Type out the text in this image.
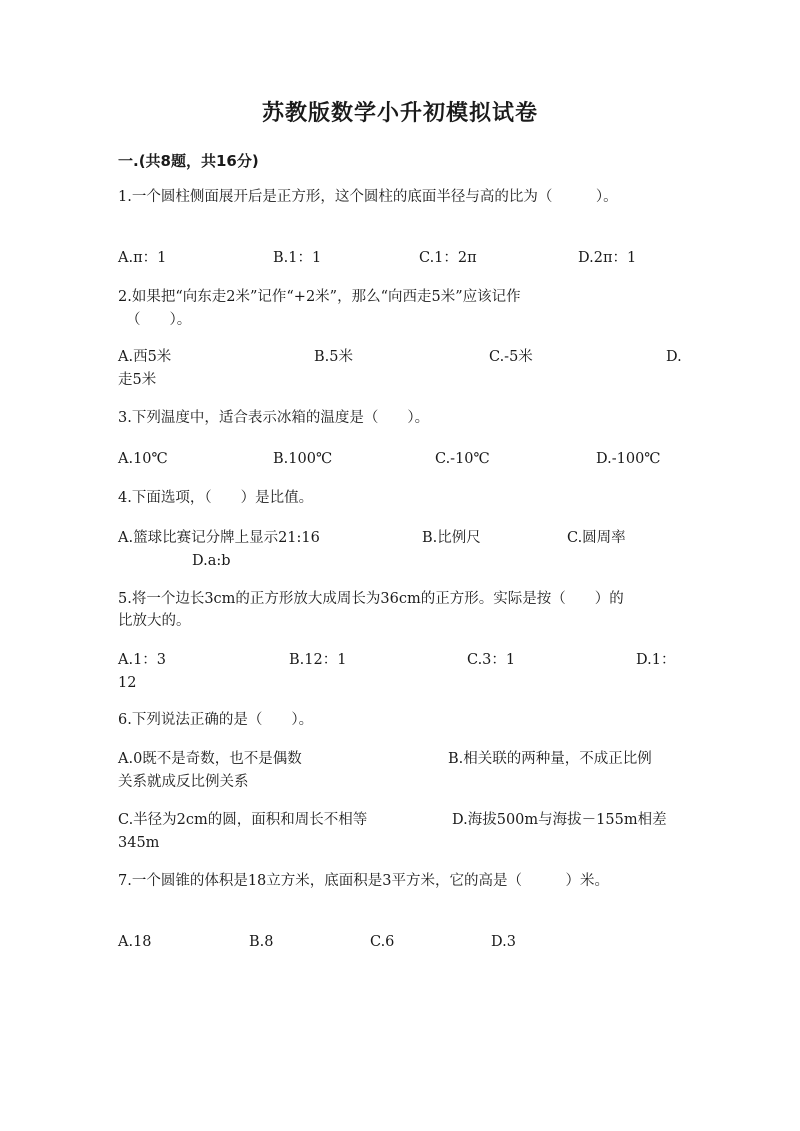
苏教版数学小升初模拟试卷
一.(共8题，共16分)
1.一个圆柱侧面展开后是正方形，这个圆柱的底面半径与高的比为（　　　）。
A.π：1	B.1：1	C.1：2π	D.2π：1
2.如果把“向东走2米”记作“+2米”，那么“向西走5米”应该记作
（　　）。
A.西5米	B.5米	C.-5米	D.
走5米
3.下列温度中，适合表示冰箱的温度是（　　）。
A.10℃	B.100℃	C.-10℃	D.-100℃
4.下面选项，（　　）是比值。
A.篮球比赛记分牌上显示21:16	B.比例尺	C.圆周率
D.a:b
5.将一个边长3cm的正方形放大成周长为36cm的正方形。实际是按（　　）的
比放大的。
A.1：3	B.12：1	C.3：1	D.1：
12
6.下列说法正确的是（　　）。
A.0既不是奇数，也不是偶数	B.相关联的两种量，不成正比例
关系就成反比例关系
C.半径为2cm的圆，面积和周长不相等	D.海拔500m与海拔－155m相差
345m
7.一个圆锥的体积是18立方米，底面积是3平方米，它的高是（　　　）米。
A.18	B.8	C.6	D.3
